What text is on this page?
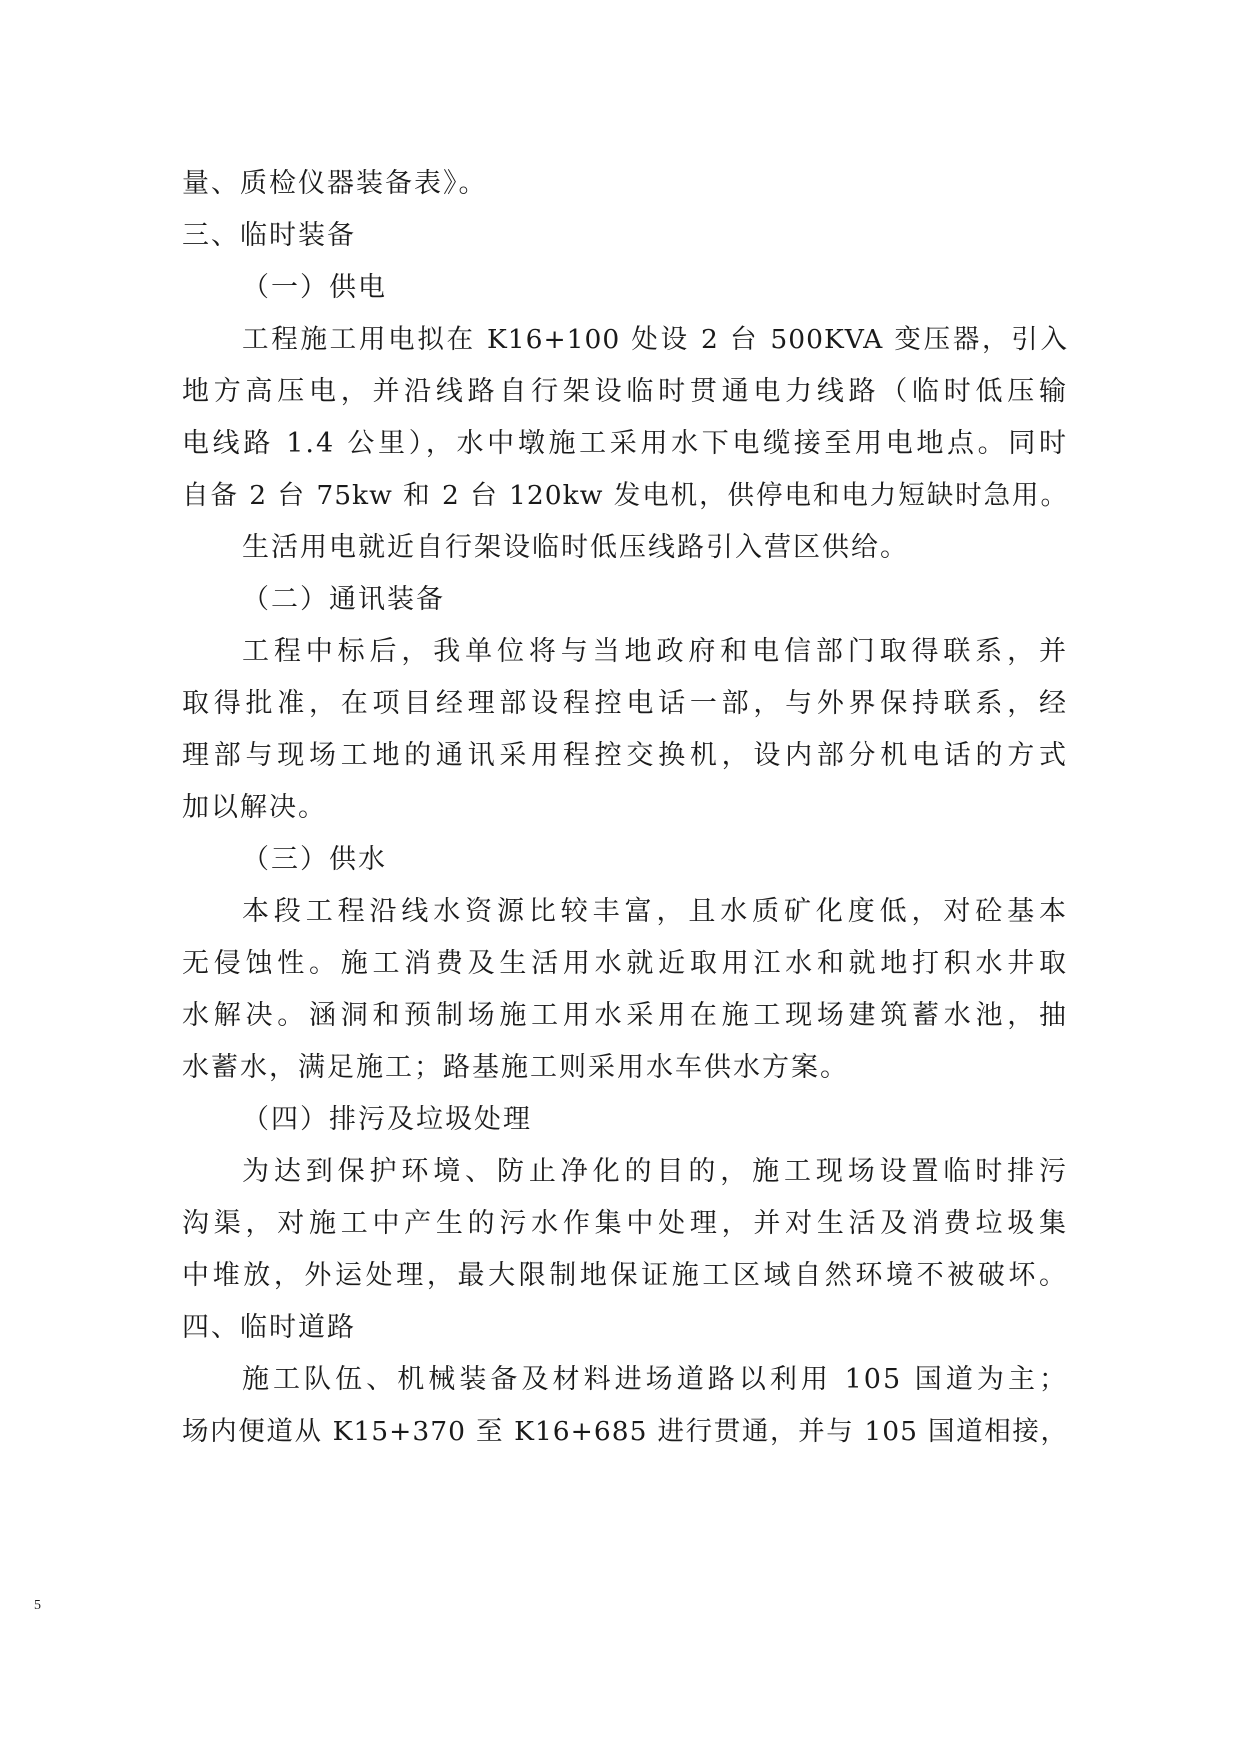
量、质检仪器装备表》。
三、临时装备
（一）供电
工程施工用电拟在 K16+100 处设 2 台 500KVA 变压器，引入
地方高压电，并沿线路自行架设临时贯通电力线路（临时低压输
电线路 1.4 公里），水中墩施工采用水下电缆接至用电地点。同时
自备 2 台 75kw 和 2 台 120kw 发电机，供停电和电力短缺时急用。
生活用电就近自行架设临时低压线路引入营区供给。
（二）通讯装备
工程中标后，我单位将与当地政府和电信部门取得联系，并
取得批准，在项目经理部设程控电话一部，与外界保持联系，经
理部与现场工地的通讯采用程控交换机，设内部分机电话的方式
加以解决。
（三）供水
本段工程沿线水资源比较丰富，且水质矿化度低，对砼基本
无侵蚀性。施工消费及生活用水就近取用江水和就地打积水井取
水解决。涵洞和预制场施工用水采用在施工现场建筑蓄水池，抽
水蓄水，满足施工；路基施工则采用水车供水方案。
（四）排污及垃圾处理
为达到保护环境、防止净化的目的，施工现场设置临时排污
沟渠，对施工中产生的污水作集中处理，并对生活及消费垃圾集
中堆放，外运处理，最大限制地保证施工区域自然环境不被破坏。
四、临时道路
施工队伍、机械装备及材料进场道路以利用 105 国道为主；
场内便道从 K15+370 至 K16+685 进行贯通，并与 105 国道相接，
5
